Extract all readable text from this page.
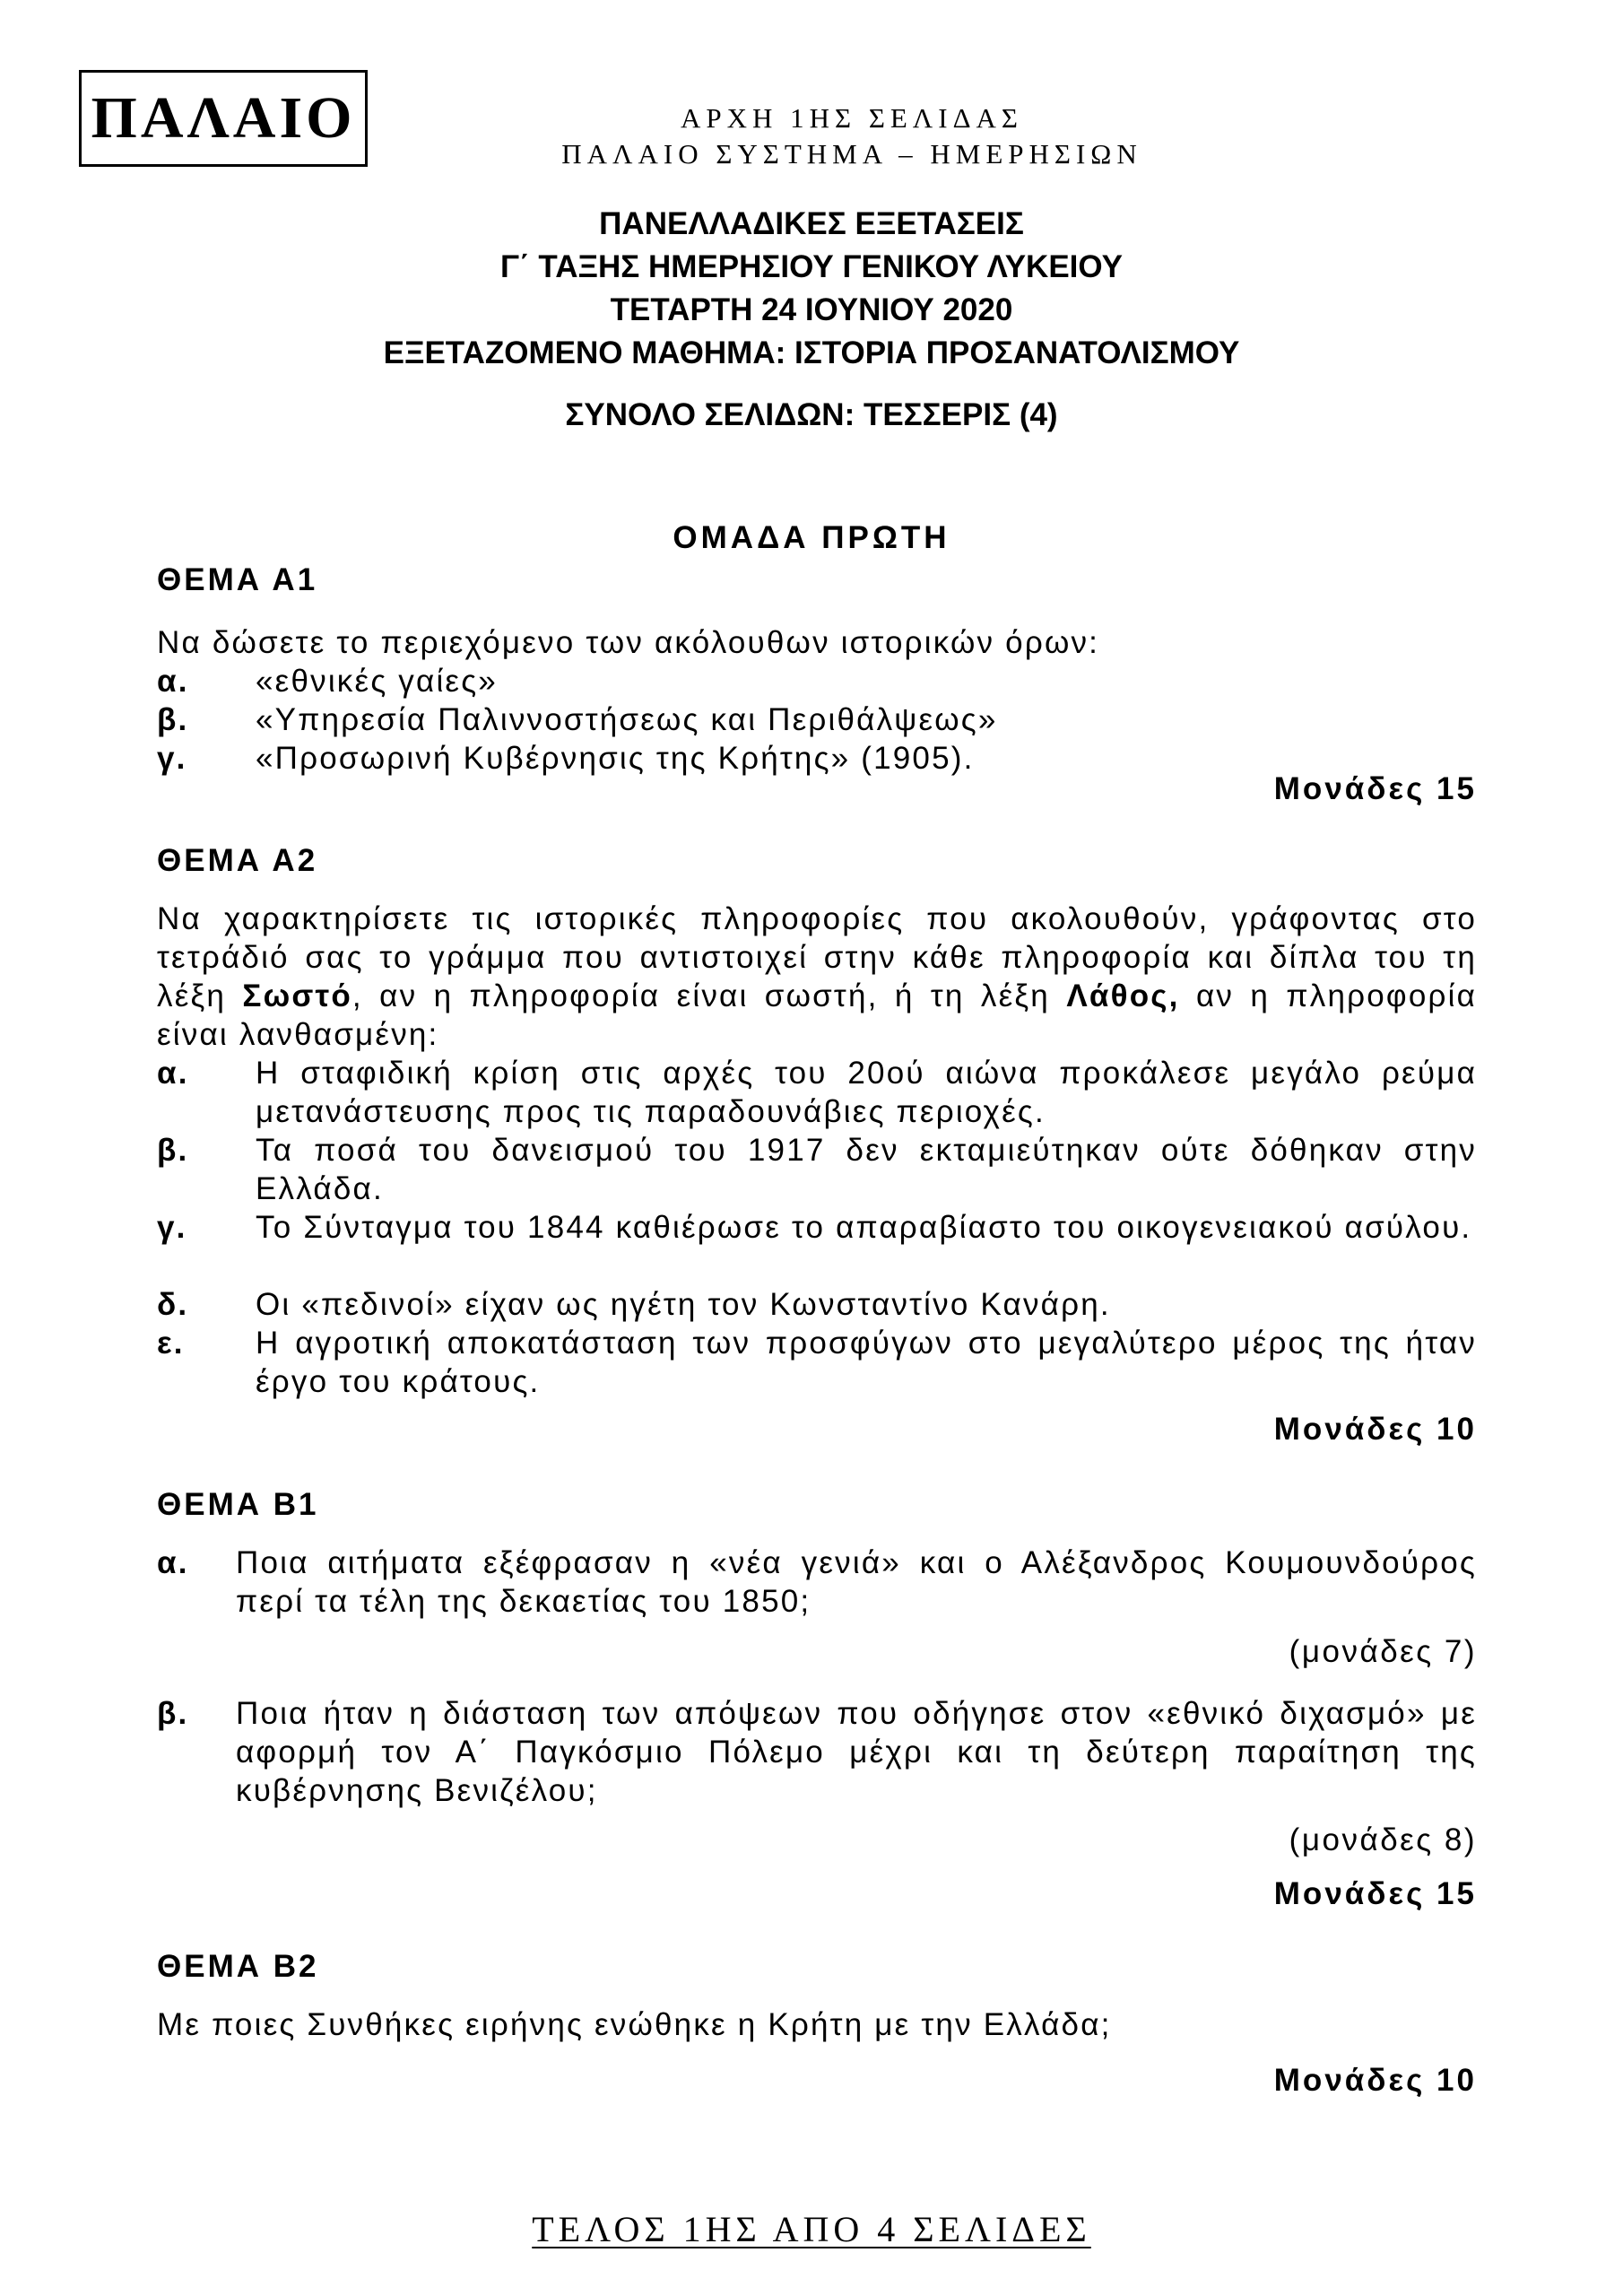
ΠΑΛΑΙΟ	ΑΡΧΗ 1ΗΣ ΣΕΛΙΔΑΣ
ΠΑΛΑΙΟ ΣΥΣΤΗΜΑ – ΗΜΕΡΗΣΙΩΝ
ΠΑΝΕΛΛΑΔΙΚΕΣ ΕΞΕΤΑΣΕΙΣ
Γ΄ ΤΑΞΗΣ ΗΜΕΡΗΣΙΟΥ ΓΕΝΙΚΟΥ ΛΥΚΕΙΟΥ
ΤΕΤΑΡΤΗ 24 ΙΟΥΝΙΟΥ 2020
ΕΞΕΤΑΖΟΜΕΝΟ ΜΑΘΗΜΑ: ΙΣΤΟΡΙΑ ΠΡΟΣΑΝΑΤΟΛΙΣΜΟΥ
ΣΥΝΟΛΟ ΣΕΛΙΔΩΝ: ΤΕΣΣΕΡΙΣ (4)
ΟΜΑΔΑ ΠΡΩΤΗ
ΘΕΜΑ Α1
Να δώσετε το περιεχόμενο των ακόλουθων ιστορικών όρων:
α. «εθνικές γαίες»
β. «Υπηρεσία Παλιννοστήσεως και Περιθάλψεως»
γ. «Προσωρινή Κυβέρνησις της Κρήτης» (1905).
Μονάδες 15
ΘΕΜΑ Α2
Να χαρακτηρίσετε τις ιστορικές πληροφορίες που ακολουθούν, γράφοντας στο τετράδιό σας το γράμμα που αντιστοιχεί στην κάθε πληροφορία και δίπλα του τη λέξη Σωστό, αν η πληροφορία είναι σωστή, ή τη λέξη Λάθος, αν η πληροφορία είναι λανθασμένη:
α. Η σταφιδική κρίση στις αρχές του 20ού αιώνα προκάλεσε μεγάλο ρεύμα μετανάστευσης προς τις παραδουνάβιες περιοχές.
β. Τα ποσά του δανεισμού του 1917 δεν εκταμιεύτηκαν ούτε δόθηκαν στην Ελλάδα.
γ. Το Σύνταγμα του 1844 καθιέρωσε το απαραβίαστο του οικογενειακού ασύλου.
δ. Οι «πεδινοί» είχαν ως ηγέτη τον Κωνσταντίνο Κανάρη.
ε. Η αγροτική αποκατάσταση των προσφύγων στο μεγαλύτερο μέρος της ήταν έργο του κράτους.
Μονάδες 10
ΘΕΜΑ Β1
α. Ποια αιτήματα εξέφρασαν η «νέα γενιά» και ο Αλέξανδρος Κουμουνδούρος περί τα τέλη της δεκαετίας του 1850;
(μονάδες 7)
β. Ποια ήταν η διάσταση των απόψεων που οδήγησε στον «εθνικό διχασμό» με αφορμή τον Α΄ Παγκόσμιο Πόλεμο μέχρι και τη δεύτερη παραίτηση της κυβέρνησης Βενιζέλου;
(μονάδες 8)
Μονάδες 15
ΘΕΜΑ Β2
Με ποιες Συνθήκες ειρήνης ενώθηκε η Κρήτη με την Ελλάδα;
Μονάδες 10
ΤΕΛΟΣ 1ΗΣ ΑΠΟ 4 ΣΕΛΙΔΕΣ
